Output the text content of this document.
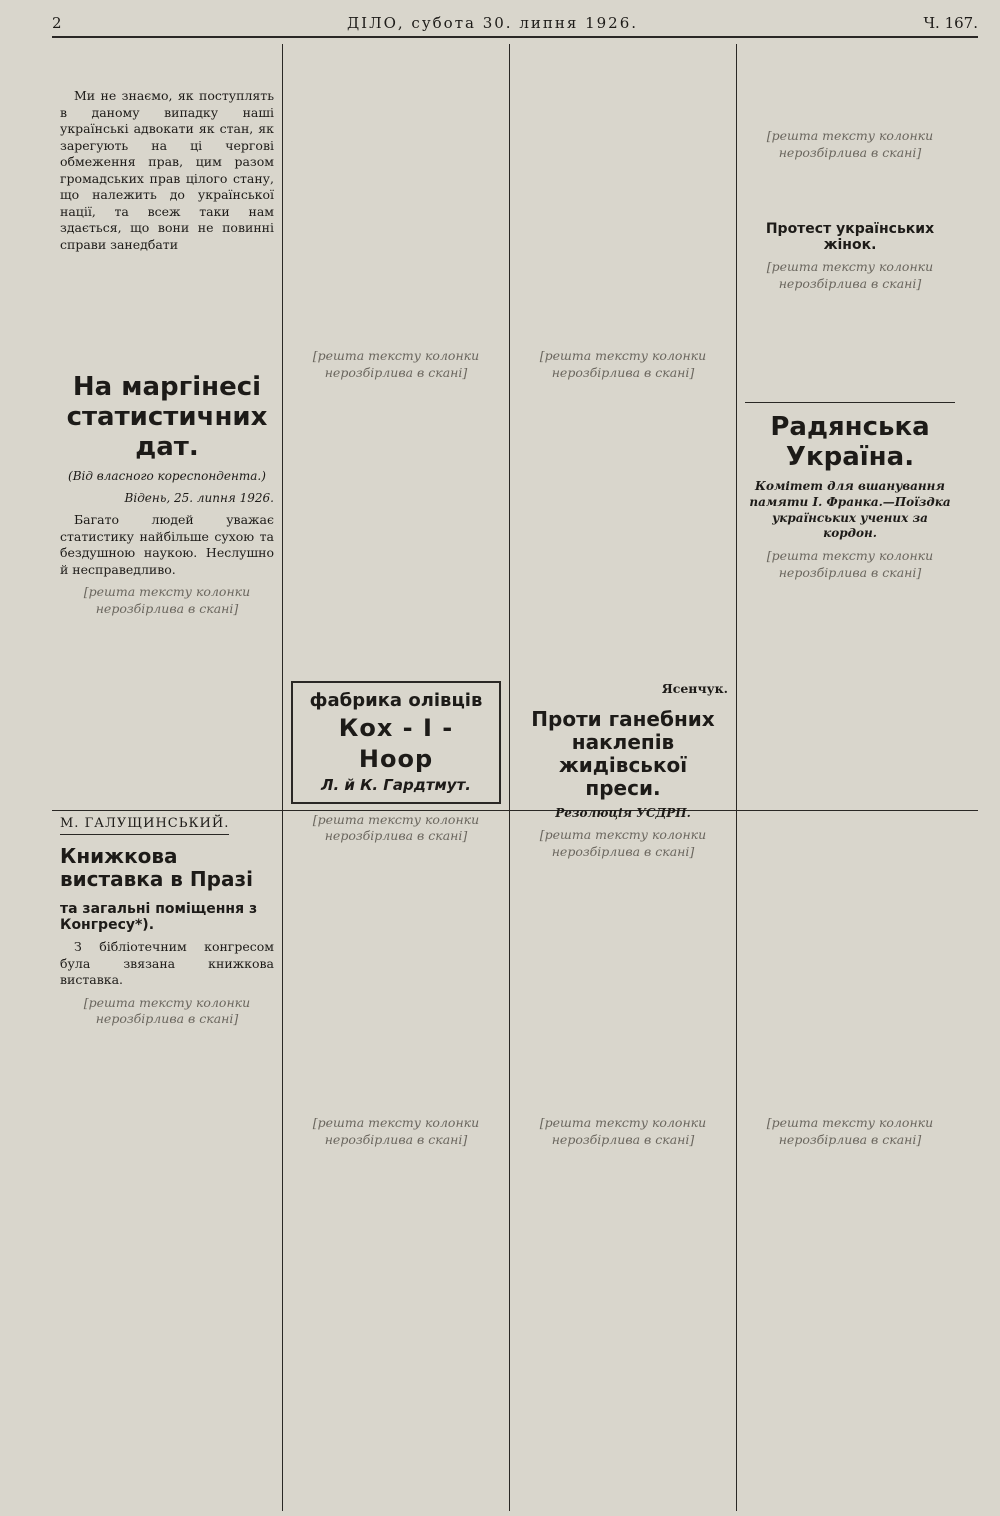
2	ДІЛО, субота 30. липня 1926.	Ч. 167.

Ми не знаємо, як поступлять в даному випадку наші українські адвокати як стан, як зарегують на ці чергові обмеження прав, цим разом громадських прав цілого стану, що належить до української нації, та всеж таки нам здається, що вони не повинні справи занедбати

На маргінесі статистичних дат.
(Від власного кореспондента.)
Відень, 25. липня 1926.

Багато людей уважає статистику найбільше сухою та бездушною наукою. Неслушно й несправедливо.

[решта тексту колонки нерозбірлива в скані]

[решта тексту колонки нерозбірлива в скані]

фабрика олівців
Кох - І - Ноор
Л. й К. Гардтмут.

[решта тексту колонки нерозбірлива в скані]

[решта тексту колонки нерозбірлива в скані]

Ясенчук.
Проти ганебних наклепів жидівської преси.
Резолюція УСДРП.

[решта тексту колонки нерозбірлива в скані]

[решта тексту колонки нерозбірлива в скані]

Протест українських жінок.

[решта тексту колонки нерозбірлива в скані]

Радянська Україна.
Комітет для вшанування памяти І. Франка.—Поїздка українських учених за кордон.

[решта тексту колонки нерозбірлива в скані]

М. ГАЛУЩИНСЬКИЙ.
Книжкова виставка в Празі
та загальні поміщення з Конгресу*).

З бібліотечним конгресом була звязана книжкова виставка.

[решта тексту колонки нерозбірлива в скані]

[решта тексту колонки нерозбірлива в скані]

[решта тексту колонки нерозбірлива в скані]

[решта тексту колонки нерозбірлива в скані]
